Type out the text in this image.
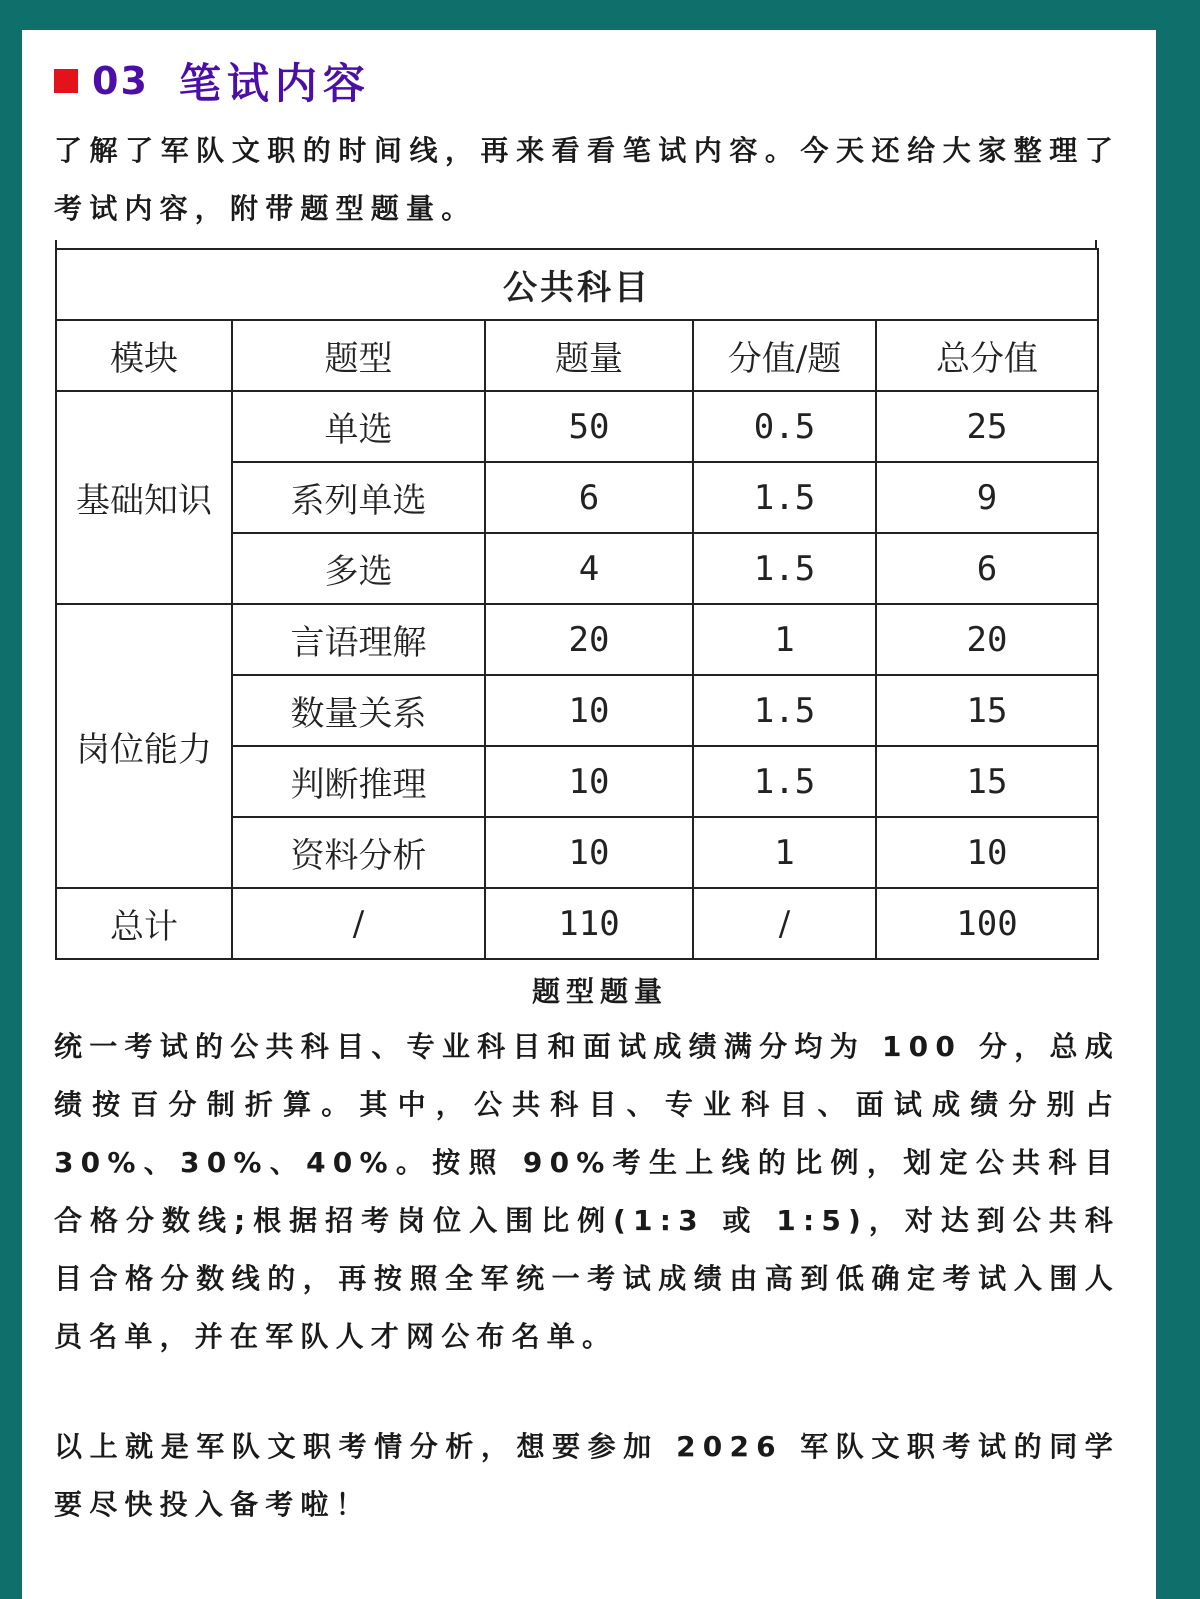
03 笔试内容

了解了军队文职的时间线，再来看看笔试内容。今天还给大家整理了考试内容，附带题型题量。

公共科目				
模块	题型	题量	分值/题	总分值
基础知识	单选	50	0.5	25
	系列单选	6	1.5	9
	多选	4	1.5	6
岗位能力	言语理解	20	1	20
	数量关系	10	1.5	15
	判断推理	10	1.5	15
	资料分析	10	1	10
总计	/	110	/	100
题型题量

统一考试的公共科目、专业科目和面试成绩满分均为 100 分，总成绩按百分制折算。其中，公共科目、专业科目、面试成绩分别占 30%、30%、40%。按照 90%考生上线的比例，划定公共科目合格分数线;根据招考岗位入围比例(1:3 或 1:5)，对达到公共科目合格分数线的，再按照全军统一考试成绩由高到低确定考试入围人员名单，并在军队人才网公布名单。

以上就是军队文职考情分析，想要参加 2026 军队文职考试的同学要尽快投入备考啦！
